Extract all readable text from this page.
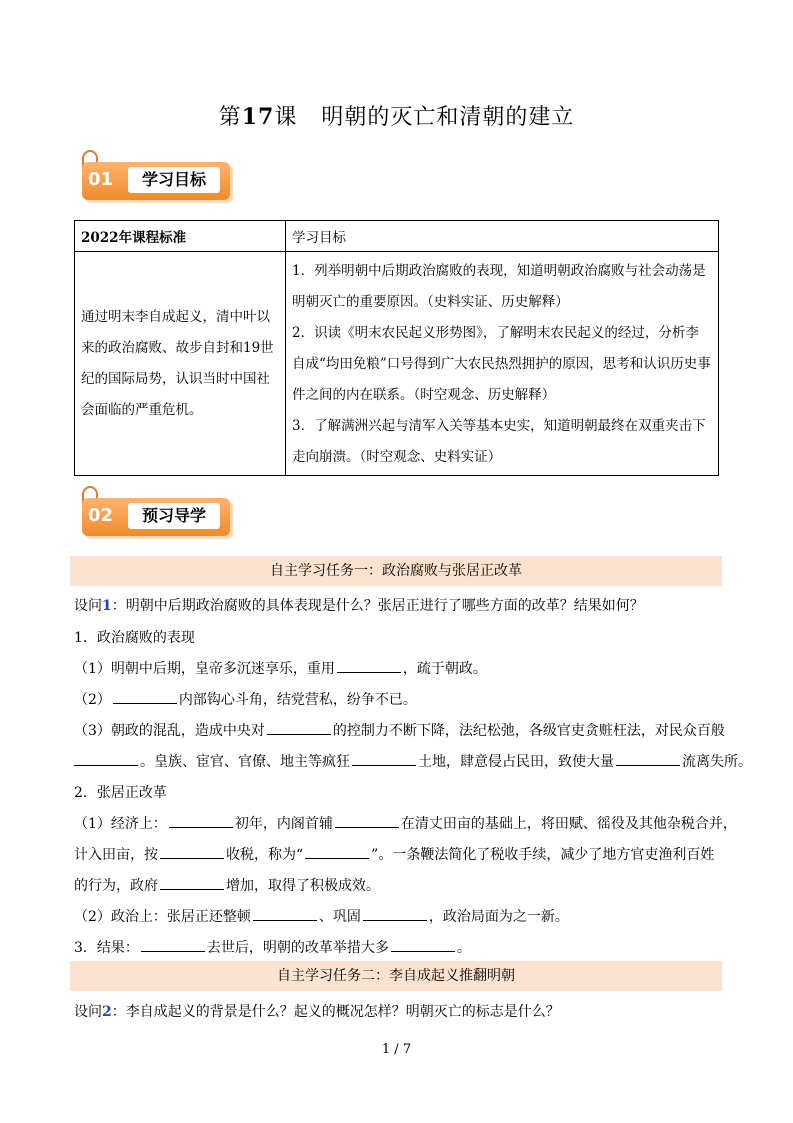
第17课 明朝的灭亡和清朝的建立
01	学习目标
2022年课程标准	学习目标
通过明末李自成起义，清中叶以来的政治腐败、故步自封和19世纪的国际局势，认识当时中国社会面临的严重危机。	1．列举明朝中后期政治腐败的表现，知道明朝政治腐败与社会动荡是明朝灭亡的重要原因。（史料实证、历史解释）
2．识读《明末农民起义形势图》，了解明末农民起义的经过，分析李自成“均田免粮”口号得到广大农民热烈拥护的原因，思考和认识历史事件之间的内在联系。（时空观念、历史解释）
3．了解满洲兴起与清军入关等基本史实，知道明朝最终在双重夹击下走向崩溃。（时空观念、史料实证）
02	预习导学
自主学习任务一：政治腐败与张居正改革
设问1：明朝中后期政治腐败的具体表现是什么？张居正进行了哪些方面的改革？结果如何？
1．政治腐败的表现
（1）明朝中后期，皇帝多沉迷享乐，重用	，疏于朝政。
（2）	内部钩心斗角，结党营私，纷争不已。
（3）朝政的混乱，造成中央对	的控制力不断下降，法纪松弛，各级官吏贪赃枉法，对民众百般
。皇族、宦官、官僚、地主等疯狂	土地，肆意侵占民田，致使大量	流离失所。
2．张居正改革
（1）经济上：	初年，内阁首辅	在清丈田亩的基础上，将田赋、徭役及其他杂税合并，
计入田亩，按	收税，称为“	”。一条鞭法简化了税收手续，减少了地方官吏渔利百姓
的行为，政府	增加，取得了积极成效。
（2）政治上：张居正还整顿	、巩固	，政治局面为之一新。
3．结果：	去世后，明朝的改革举措大多	。
自主学习任务二：李自成起义推翻明朝
设问2：李自成起义的背景是什么？起义的概况怎样？明朝灭亡的标志是什么？
1 / 7
